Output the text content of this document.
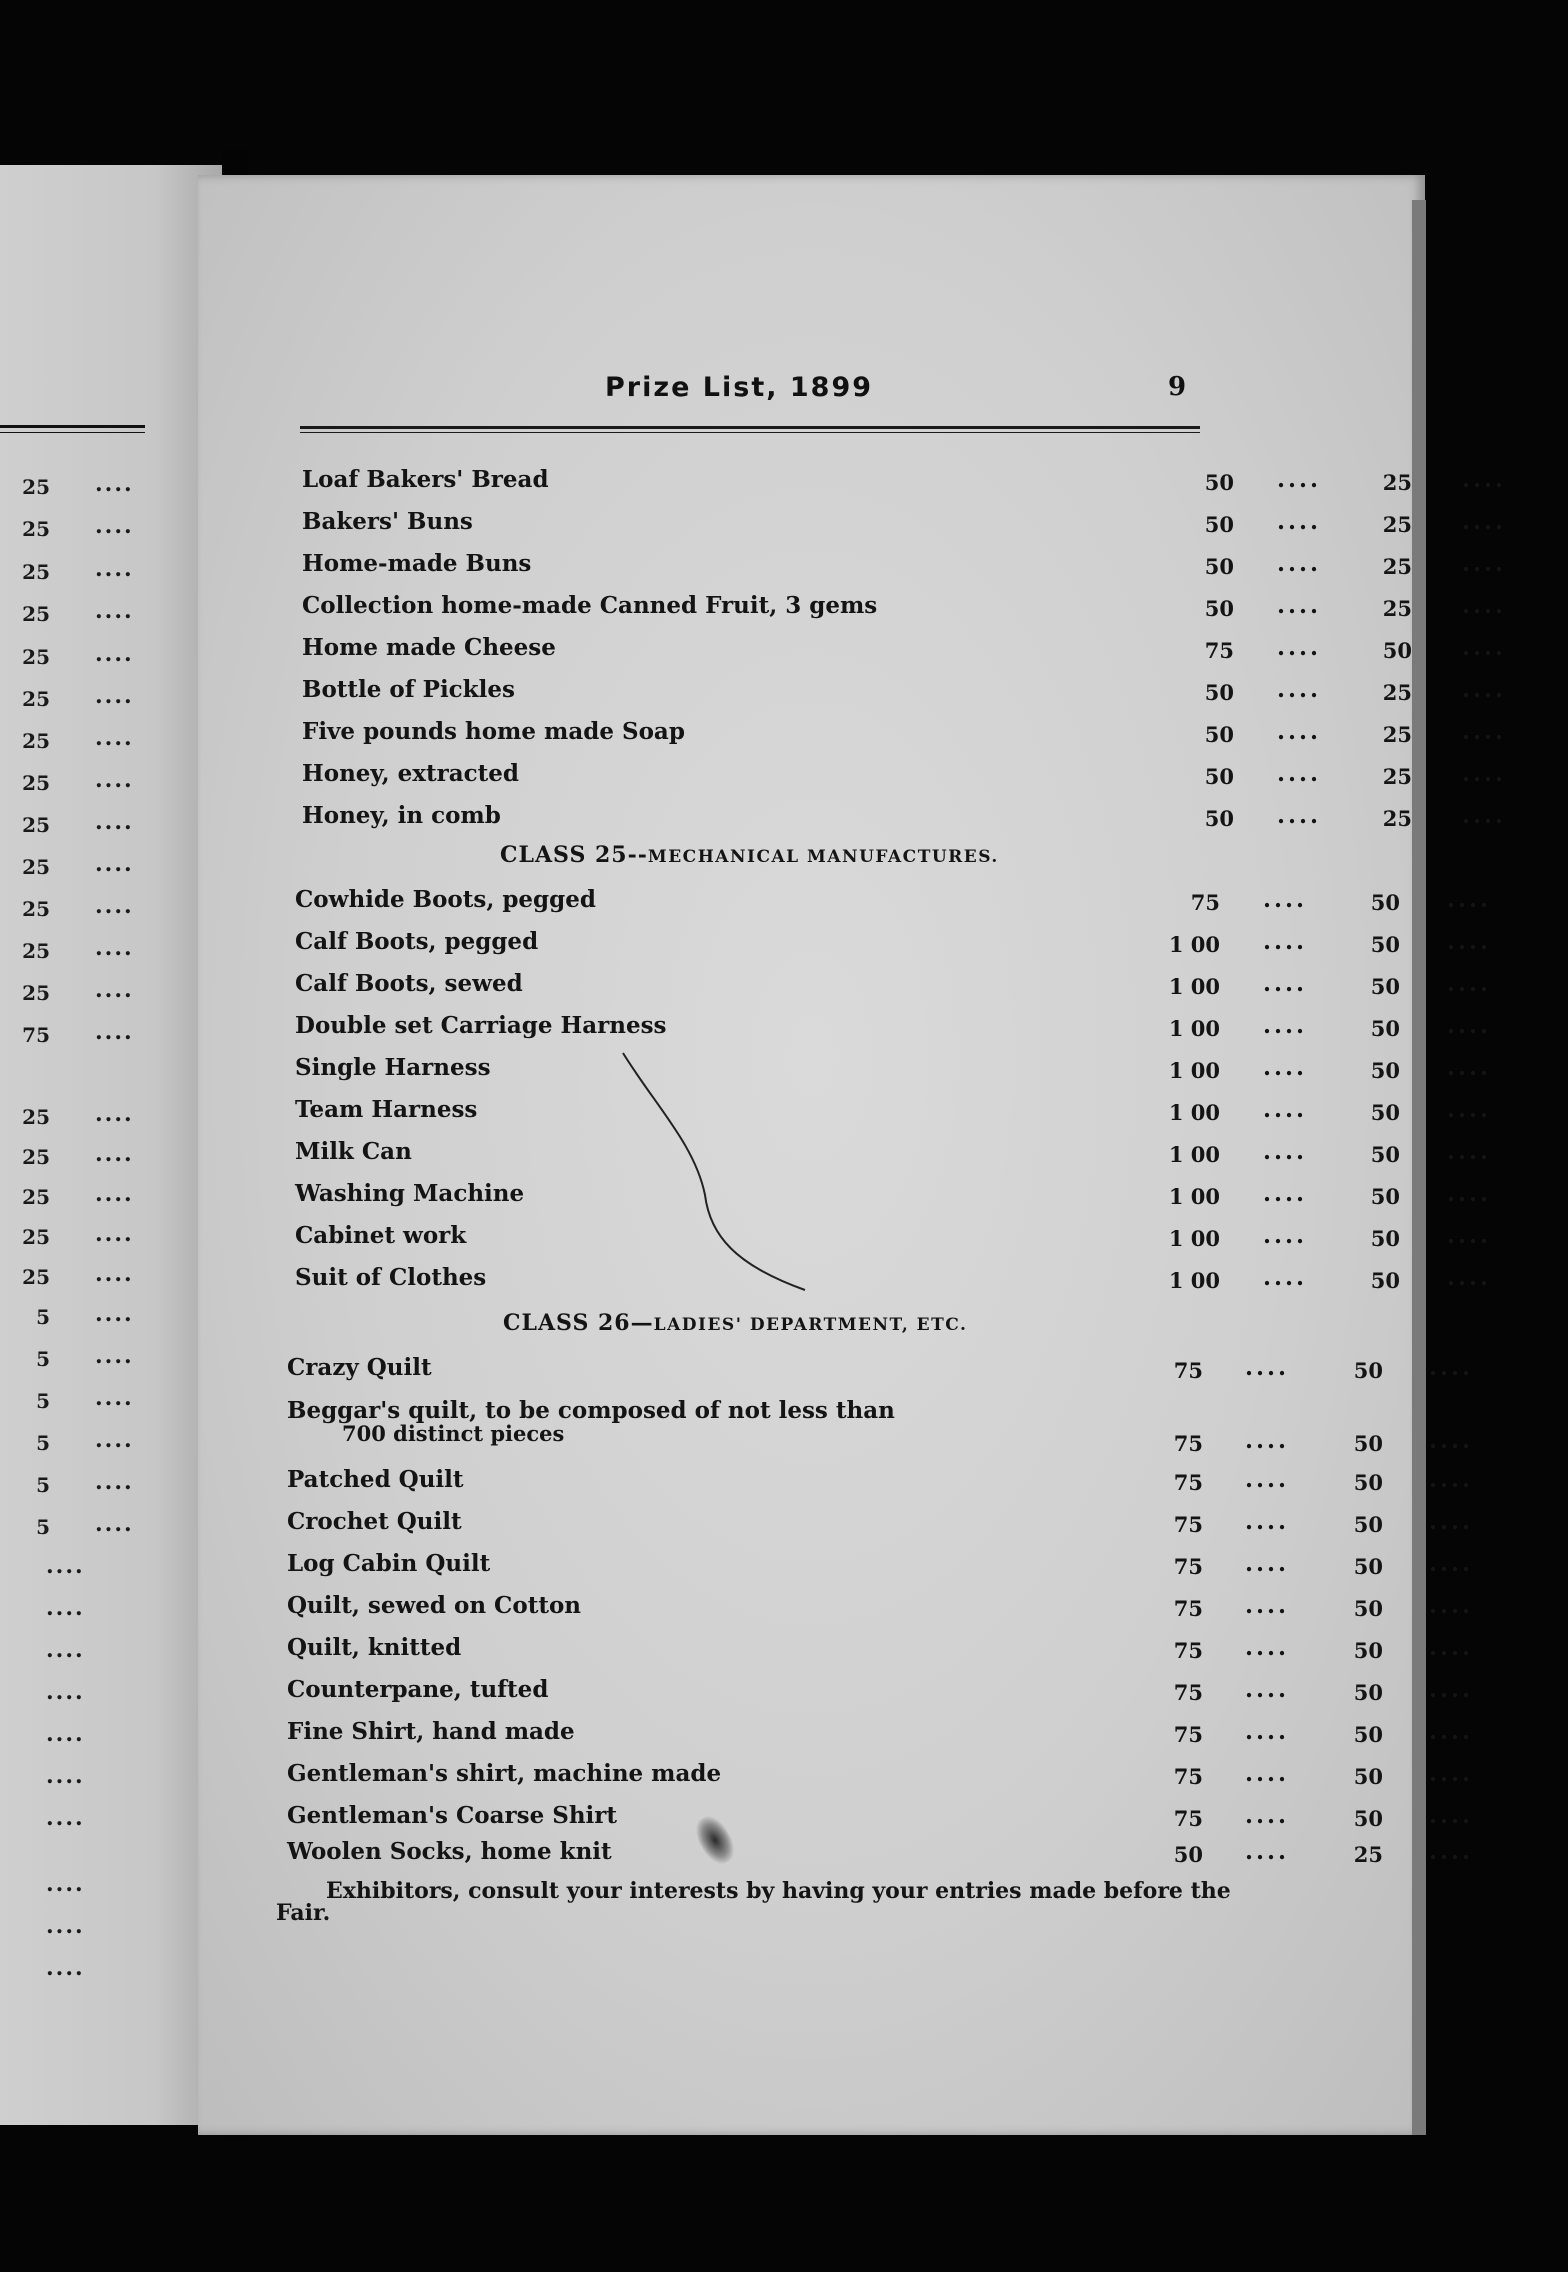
25 ....
25 ....
25 ....
25 ....
25 ....
25 ....
25 ....
25 ....
25 ....
25 ....
25 ....
25 ....
25 ....
75 ....
25 ....
25 ....
25 ....
25 ....
25 ....
5 ....
5 ....
5 ....
5 ....
5 ....
5 ....
....
....
....
....
....
....
....
....
....
....
Prize List, 1899	9
Loaf Bakers' Bread	50 ....	25 ....
Bakers' Buns	50 ....	25 ....
Home-made Buns	50 ....	25 ....
Collection home-made Canned Fruit, 3 gems	50 ....	25 ....
Home made Cheese	75 ....	50 ....
Bottle of Pickles	50 ....	25 ....
Five pounds home made Soap	50 ....	25 ....
Honey, extracted	50 ....	25 ....
Honey, in comb	50 ....	25 ....
CLASS 25--MECHANICAL MANUFACTURES.
Cowhide Boots, pegged	75 ....	50 ....
Calf Boots, pegged	1 00 ....	50 ....
Calf Boots, sewed	1 00 ....	50 ....
Double set Carriage Harness	1 00 ....	50 ....
Single Harness	1 00 ....	50 ....
Team Harness	1 00 ....	50 ....
Milk Can	1 00 ....	50 ....
Washing Machine	1 00 ....	50 ....
Cabinet work	1 00 ....	50 ....
Suit of Clothes	1 00 ....	50 ....
CLASS 26—LADIES' DEPARTMENT, ETC.
Crazy Quilt	75 ....	50 ....
Beggar's quilt, to be composed of not less than
700 distinct pieces	75 ....	50 ....
Patched Quilt	75 ....	50 ....
Crochet Quilt	75 ....	50 ....
Log Cabin Quilt	75 ....	50 ....
Quilt, sewed on Cotton	75 ....	50 ....
Quilt, knitted	75 ....	50 ....
Counterpane, tufted	75 ....	50 ....
Fine Shirt, hand made	75 ....	50 ....
Gentleman's shirt, machine made	75 ....	50 ....
Gentleman's Coarse Shirt	75 ....	50 ....
Woolen Socks, home knit	50 ....	25 ....
Exhibitors, consult your interests by having your entries made before the
Fair.
